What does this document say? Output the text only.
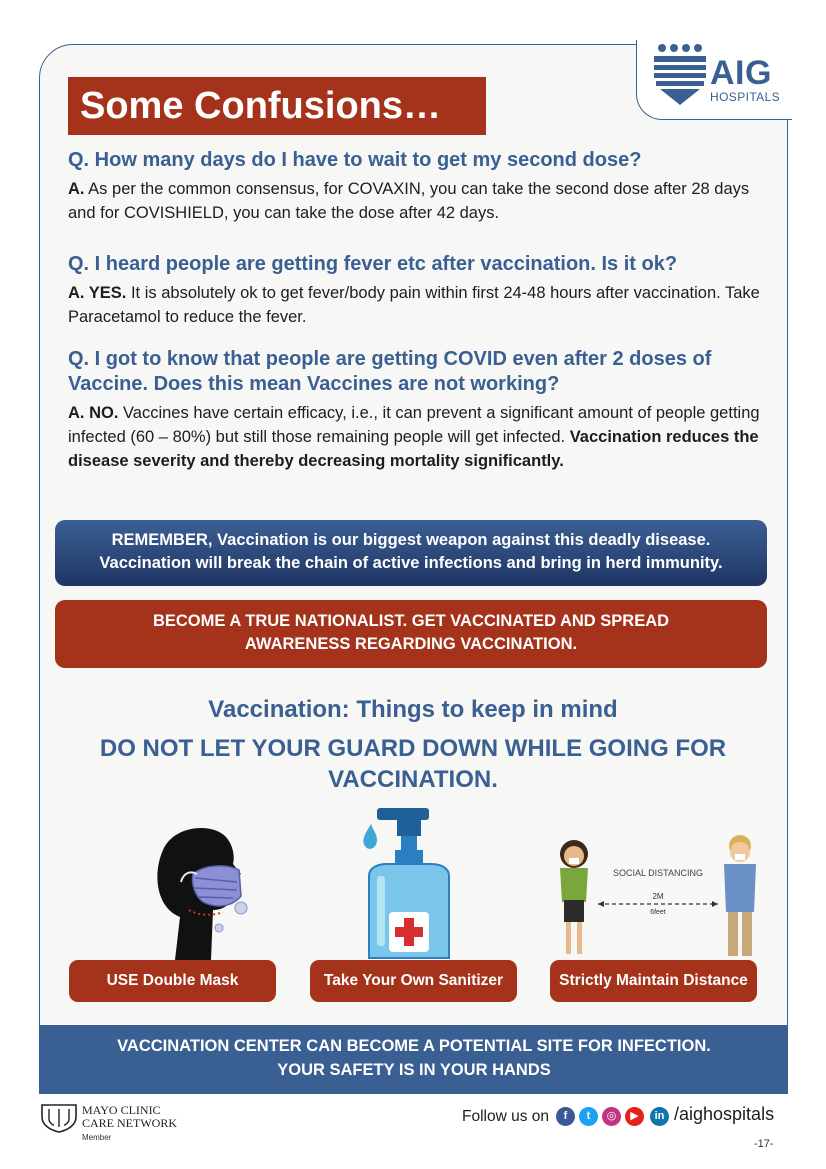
AIG
HOSPITALS
Some Confusions…
Q. How many days do I have to wait to get my second dose?
A. As per the common consensus, for COVAXIN, you can take the second dose after 28 days and for COVISHIELD, you can take the dose after 42 days.
Q. I heard people are getting fever etc after vaccination. Is it ok?
A. YES. It is absolutely ok to get fever/body pain within first 24-48 hours after vaccination. Take Paracetamol to reduce the fever.
Q. I got to know that people are getting COVID even after 2 doses of Vaccine. Does this mean Vaccines are not working?
A. NO. Vaccines have certain efficacy, i.e., it can prevent a significant amount of people getting infected (60 – 80%) but still those remaining people will get infected. Vaccination reduces the disease severity and thereby decreasing mortality significantly.
REMEMBER, Vaccination is our biggest weapon against this deadly disease.
Vaccination will break the chain of active infections and bring in herd immunity.
BECOME A TRUE NATIONALIST. GET VACCINATED AND SPREAD
AWARENESS REGARDING VACCINATION.
Vaccination: Things to keep in mind
DO NOT LET YOUR GUARD DOWN WHILE GOING FOR
VACCINATION.
SOCIAL DISTANCING
2M
6feet
USE Double Mask	Take Your Own Sanitizer	Strictly Maintain Distance
VACCINATION CENTER CAN BECOME A POTENTIAL SITE FOR INFECTION.
YOUR SAFETY IS IN YOUR HANDS
MAYO CLINIC
CARE NETWORK
Member
Follow us on	f	t	◎	▶	in /aighospitals
-17-
